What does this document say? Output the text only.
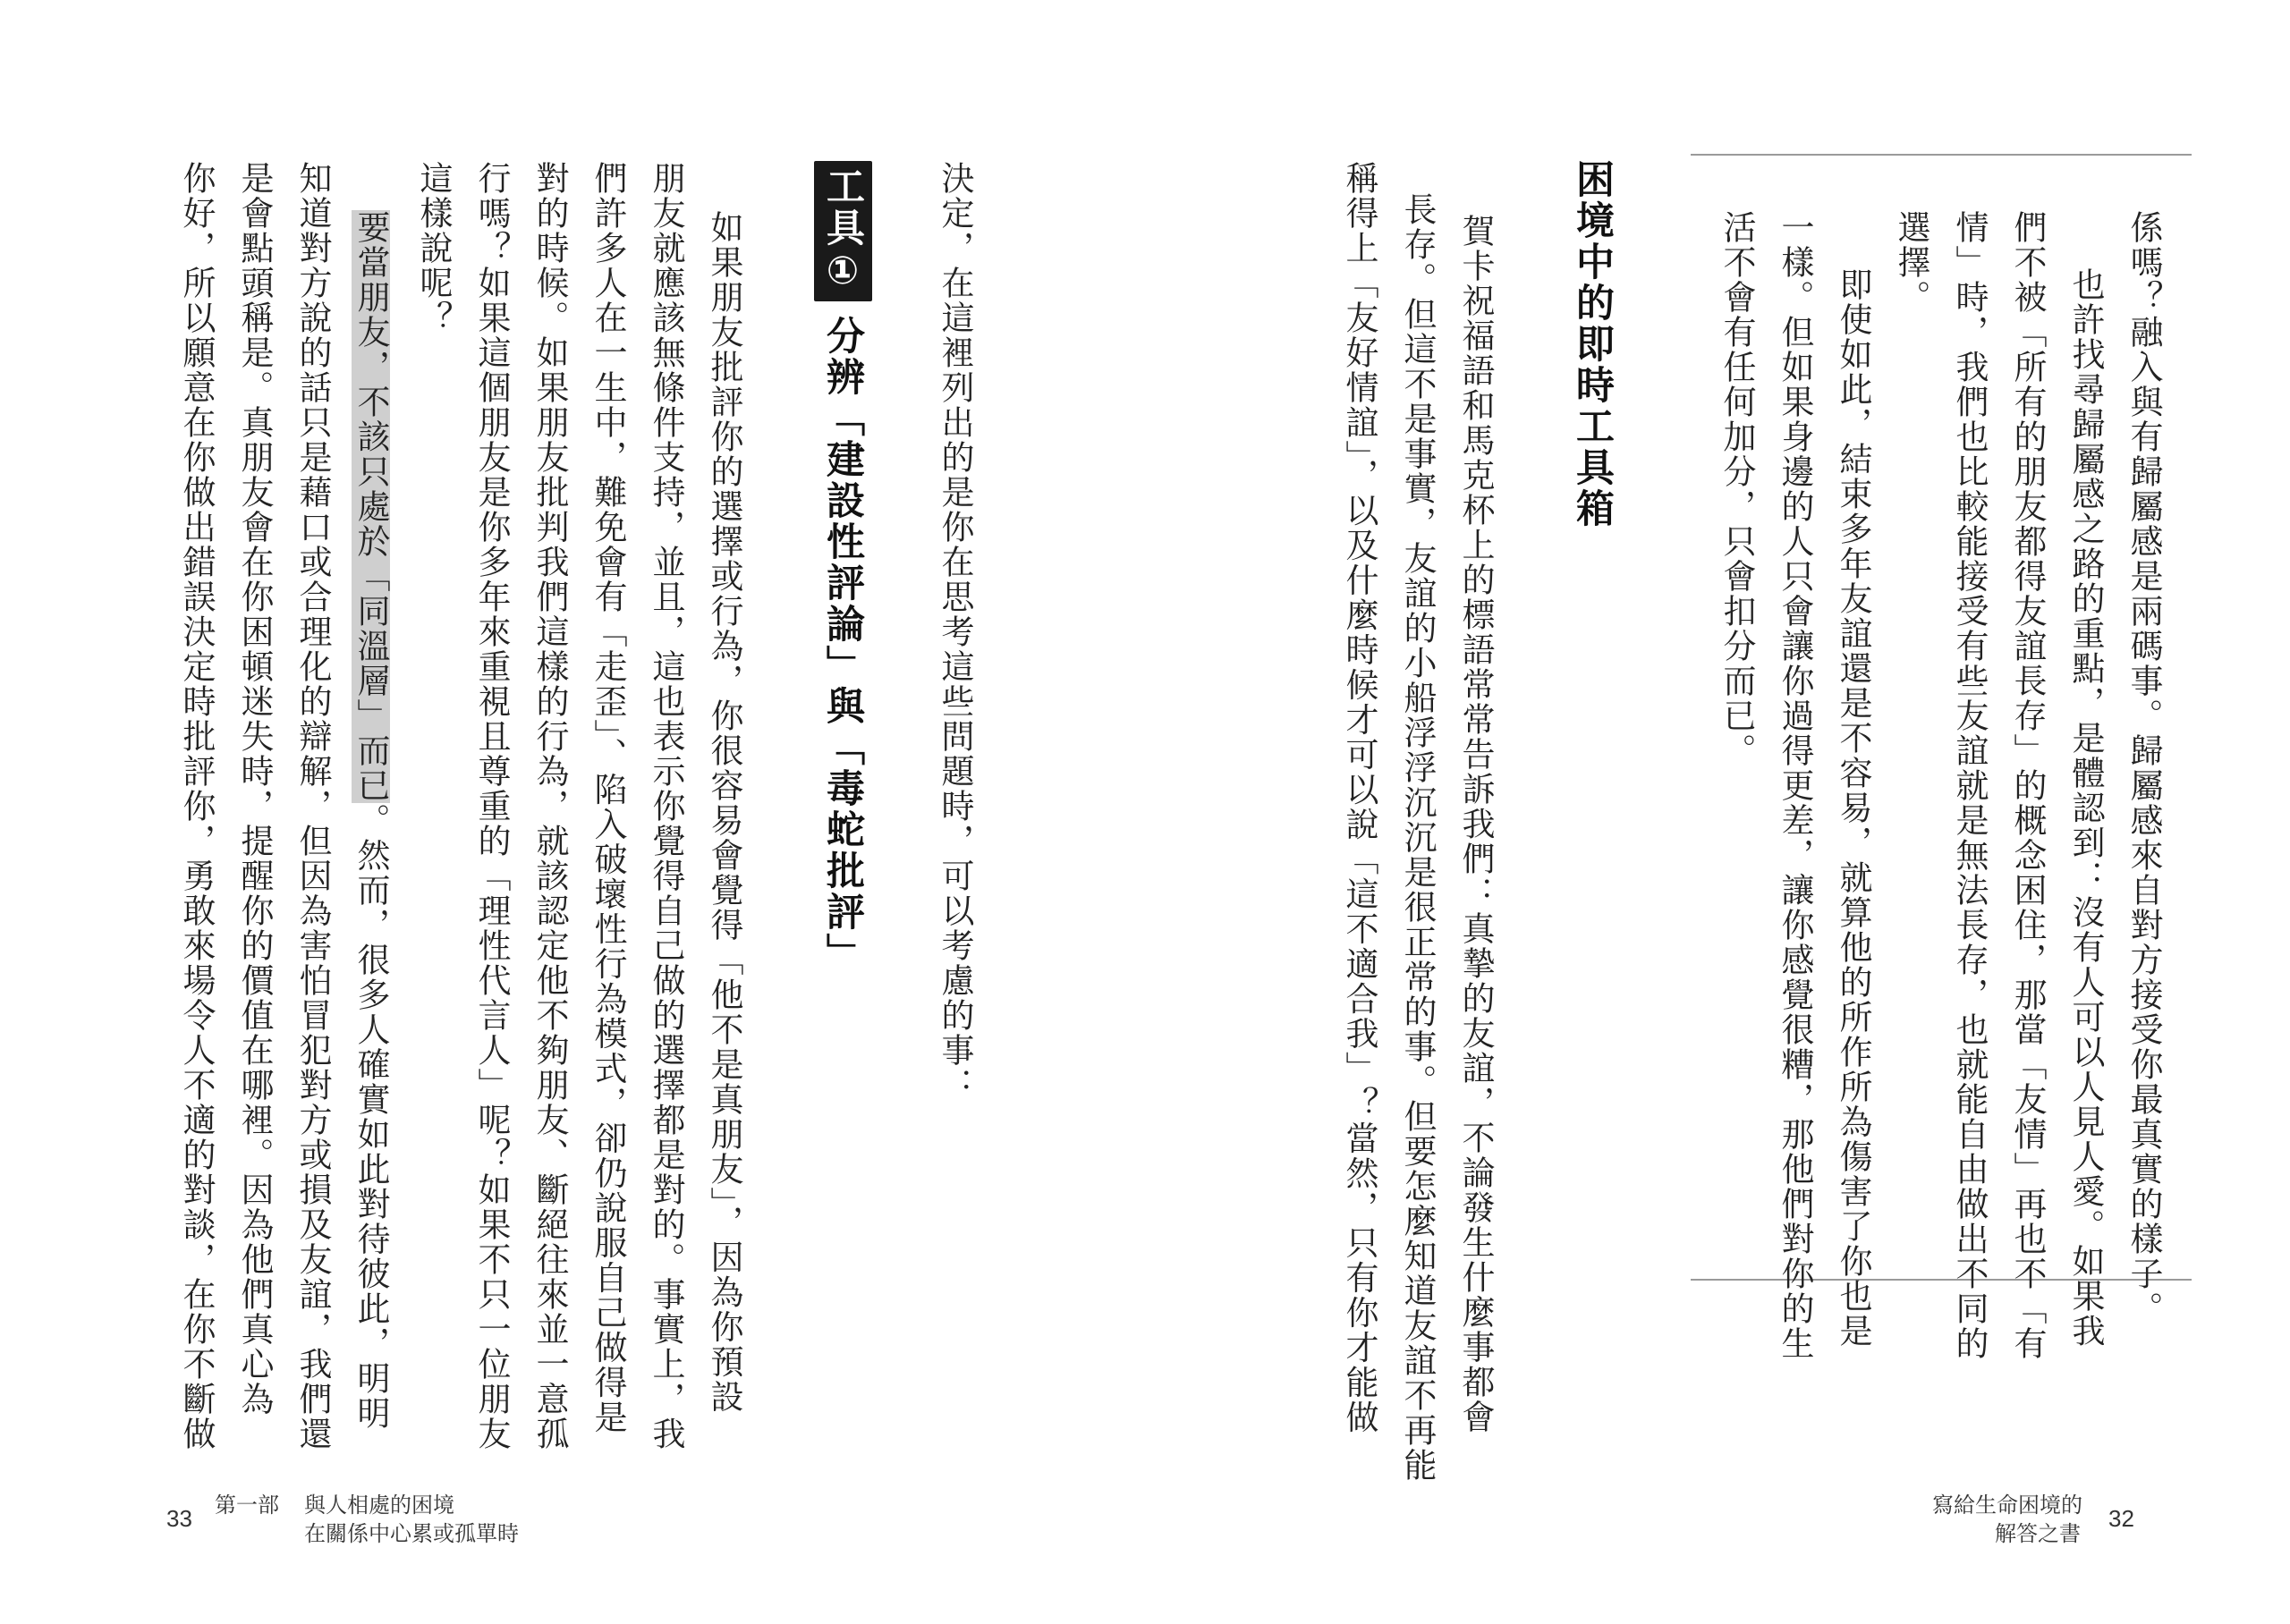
決定，在這裡列出的是你在思考這些問題時，可以考慮的事：
工具①分辨「建設性評論」與「毒蛇批評」
如果朋友批評你的選擇或行為，你很容易會覺得「他不是真朋友」，因為你預設
朋友就應該無條件支持，並且，這也表示你覺得自己做的選擇都是對的。事實上，我
們許多人在一生中，難免會有「走歪」、陷入破壞性行為模式，卻仍說服自己做得是
對的時候。如果朋友批判我們這樣的行為，就該認定他不夠朋友、斷絕往來並一意孤
行嗎？如果這個朋友是你多年來重視且尊重的「理性代言人」呢？如果不只一位朋友
這樣說呢？
要當朋友，不該只處於「同溫層」而已。然而，很多人確實如此對待彼此，明明
知道對方說的話只是藉口或合理化的辯解，但因為害怕冒犯對方或損及友誼，我們還
是會點頭稱是。真朋友會在你困頓迷失時，提醒你的價值在哪裡。因為他們真心為
你好，所以願意在你做出錯誤決定時批評你，勇敢來場令人不適的對談，在你不斷做
33 第一部 與人相處的困境
在關係中心累或孤單時
係嗎？融入與有歸屬感是兩碼事。歸屬感來自對方接受你最真實的樣子。
　也許找尋歸屬感之路的重點，是體認到：沒有人可以人見人愛。如果我
們不被「所有的朋友都得友誼長存」的概念困住，那當「友情」再也不「有
情」時，我們也比較能接受有些友誼就是無法長存，也就能自由做出不同的
選擇。
　即使如此，結束多年友誼還是不容易，就算他的所作所為傷害了你也是
一樣。但如果身邊的人只會讓你過得更差，讓你感覺很糟，那他們對你的生
活不會有任何加分，只會扣分而已。
困境中的即時工具箱
　賀卡祝福語和馬克杯上的標語常常告訴我們：真摯的友誼，不論發生什麼事都會
長存。但這不是事實，友誼的小船浮浮沉沉是很正常的事。但要怎麼知道友誼不再能
稱得上「友好情誼」，以及什麼時候才可以說「這不適合我」？當然，只有你才能做
寫給生命困境的
解答之書
32
